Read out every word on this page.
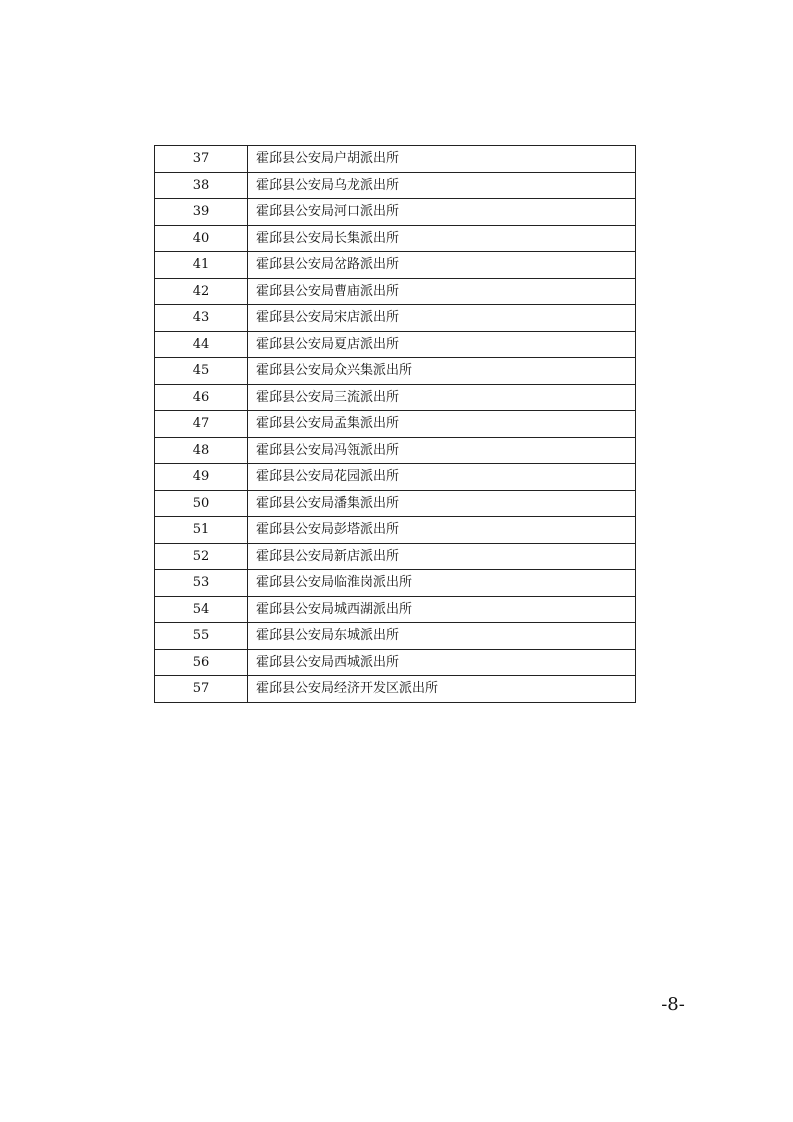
37	霍邱县公安局户胡派出所
38	霍邱县公安局乌龙派出所
39	霍邱县公安局河口派出所
40	霍邱县公安局长集派出所
41	霍邱县公安局岔路派出所
42	霍邱县公安局曹庙派出所
43	霍邱县公安局宋店派出所
44	霍邱县公安局夏店派出所
45	霍邱县公安局众兴集派出所
46	霍邱县公安局三流派出所
47	霍邱县公安局孟集派出所
48	霍邱县公安局冯瓴派出所
49	霍邱县公安局花园派出所
50	霍邱县公安局潘集派出所
51	霍邱县公安局彭塔派出所
52	霍邱县公安局新店派出所
53	霍邱县公安局临淮岗派出所
54	霍邱县公安局城西湖派出所
55	霍邱县公安局东城派出所
56	霍邱县公安局西城派出所
57	霍邱县公安局经济开发区派出所
-8-
